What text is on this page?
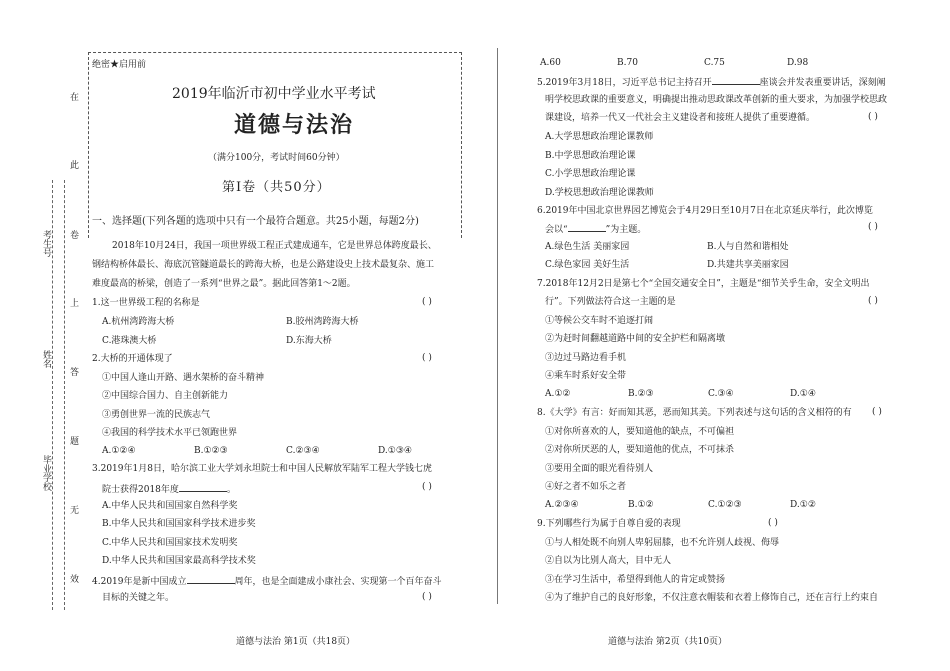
在
此
卷
上
答
题
无
效
考生号
姓名
毕业学校
绝密★启用前
2019年临沂市初中学业水平考试
道德与法治
（满分100分，考试时间60分钟）
第Ⅰ卷（共50分）
一、选择题(下列各题的选项中只有一个最符合题意。共25小题，每题2分)
2018年10月24日，我国一项世界级工程正式建成通车，它是世界总体跨度最长、
钢结构桥体最长、海底沉管隧道最长的跨海大桥，也是公路建设史上技术最复杂、施工
难度最高的桥梁，创造了一系列“世界之最”。据此回答第1～2题。
1.这一世界级工程的名称是	( )
A.杭州湾跨海大桥	B.胶州湾跨海大桥
C.港珠澳大桥	D.东海大桥
2.大桥的开通体现了	( )
①中国人逢山开路、遇水架桥的奋斗精神
②中国综合国力、自主创新能力
③勇创世界一流的民族志气
④我国的科学技术水平已领跑世界
A.①②④	B.①②③	C.②③④	D.①③④
3.2019年1月8日，哈尔滨工业大学刘永坦院士和中国人民解放军陆军工程大学钱七虎
院士获得2018年度	。	( )
A.中华人民共和国国家自然科学奖
B.中华人民共和国国家科学技术进步奖
C.中华人民共和国国家技术发明奖
D.中华人民共和国国家最高科学技术奖
4.2019年是新中国成立	周年，也是全面建成小康社会、实现第一个百年奋斗
目标的关键之年。	( )
道德与法治 第1页（共18页）
A.60	B.70	C.75	D.98
5.2019年3月18日，习近平总书记主持召开	座谈会并发表重要讲话，深刻阐
明学校思政课的重要意义，明确提出推动思政课改革创新的重大要求，为加强学校思政
课建设，培养一代又一代社会主义建设者和接班人提供了重要遵循。	( )
A.大学思想政治理论课教师
B.中学思想政治理论课
C.小学思想政治理论课
D.学校思想政治理论课教师
6.2019年中国北京世界园艺博览会于4月29日至10月7日在北京延庆举行，此次博览
会以“	”为主题。	( )
A.绿色生活 美丽家园	B.人与自然和谐相处
C.绿色家园 美好生活	D.共建共享美丽家园
7.2018年12月2日是第七个“全国交通安全日”，主题是“细节关乎生命，安全文明出
行”。下列做法符合这一主题的是	( )
①等候公交车时不追逐打闹
②为赶时间翻越道路中间的安全护栏和隔离墩
③边过马路边看手机
④乘车时系好安全带
A.①②	B.②③	C.③④	D.①④
8.《大学》有言：好而知其恶，恶而知其美。下列表述与这句话的含义相符的有 ( )
①对你所喜欢的人，要知道他的缺点，不可偏袒
②对你所厌恶的人，要知道他的优点，不可抹杀
③要用全面的眼光看待别人
④好之者不如乐之者
A.②③④	B.①②	C.①②③	D.①②
9.下列哪些行为属于自尊自爱的表现	( )
①与人相处既不向别人卑躬屈膝，也不允许别人歧视、侮辱
②自以为比别人高大，目中无人
③在学习生活中，希望得到他人的肯定或赞扬
④为了维护自己的良好形象，不仅注意衣帽装和衣着上修饰自己，还在言行上约束自
道德与法治 第2页（共10页）
